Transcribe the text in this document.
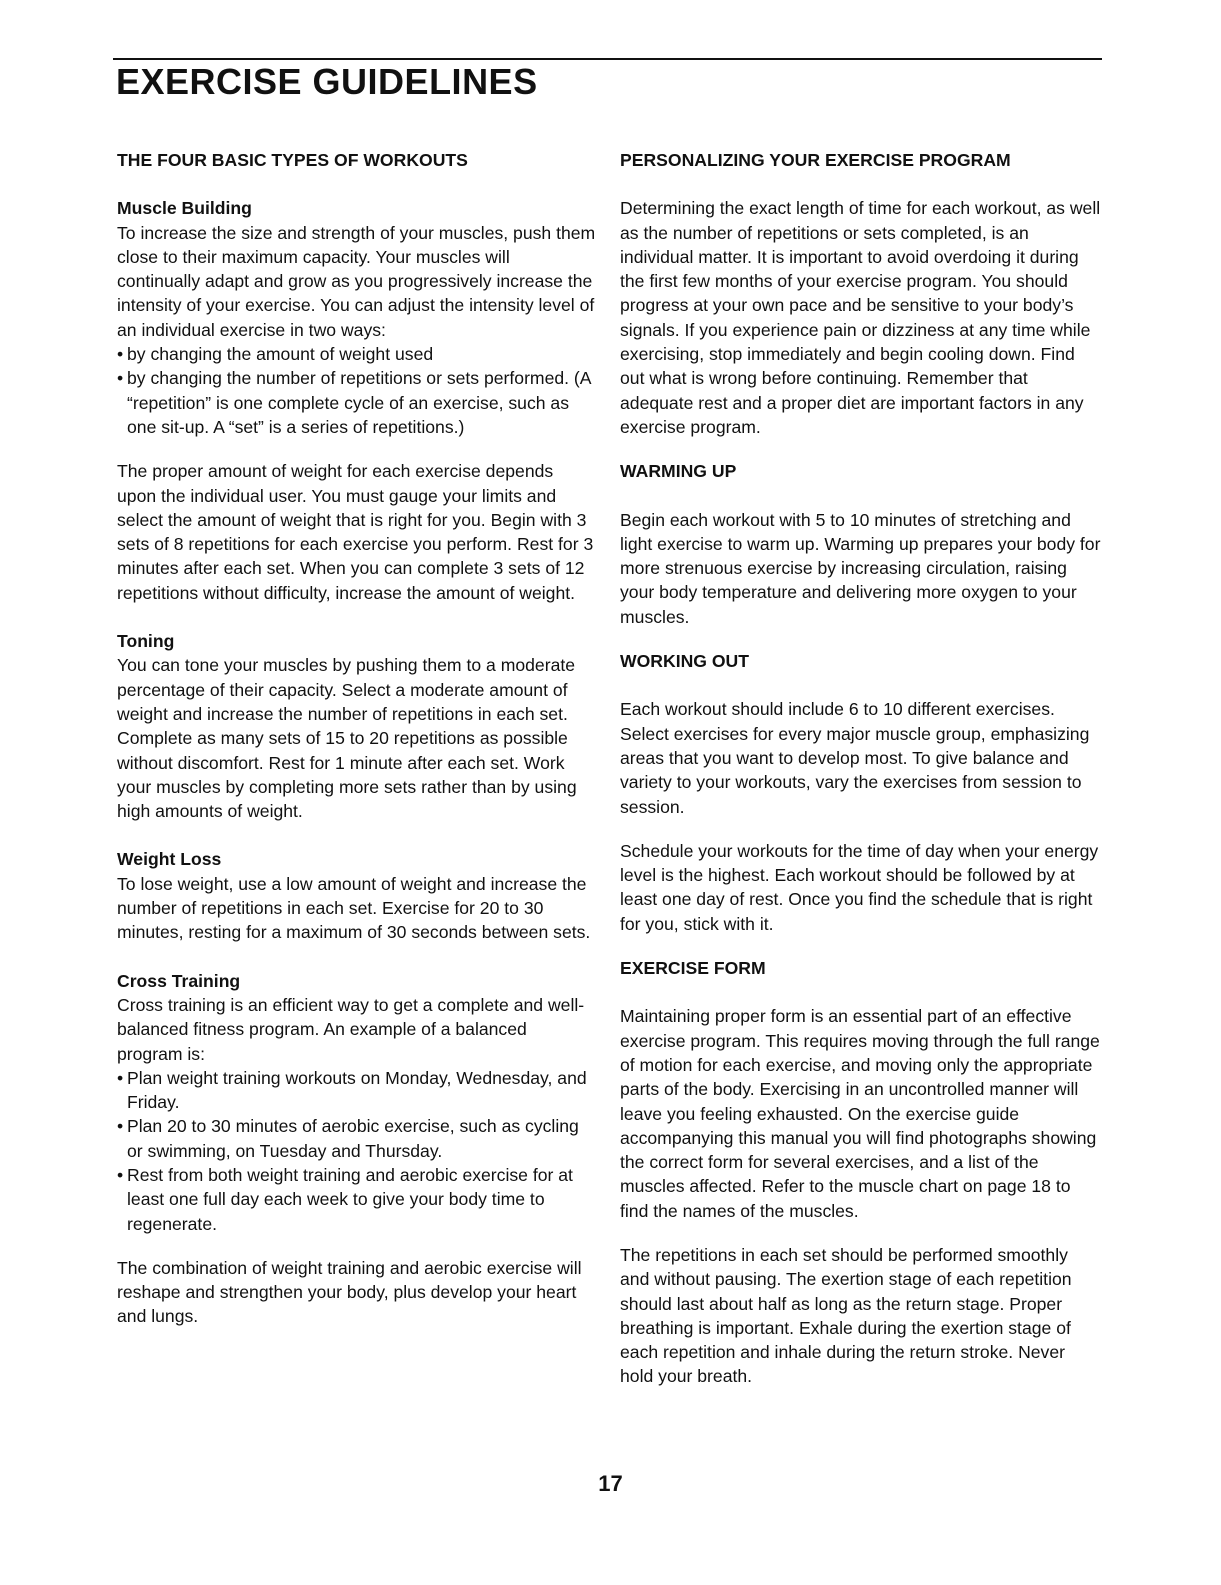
EXERCISE GUIDELINES
THE FOUR BASIC TYPES OF WORKOUTS
Muscle Building

To increase the size and strength of your muscles, push them close to their maximum capacity. Your muscles will continually adapt and grow as you progressively increase the intensity of your exercise. You can adjust the intensity level of an individual exercise in two ways:

• by changing the amount of weight used
• by changing the number of repetitions or sets performed. (A “repetition” is one complete cycle of an exercise, such as one sit-up. A “set” is a series of repetitions.)

The proper amount of weight for each exercise depends upon the individual user. You must gauge your limits and select the amount of weight that is right for you. Begin with 3 sets of 8 repetitions for each exercise you perform. Rest for 3 minutes after each set. When you can complete 3 sets of 12 repetitions without difficulty, increase the amount of weight.

Toning

You can tone your muscles by pushing them to a moderate percentage of their capacity. Select a moderate amount of weight and increase the number of repetitions in each set. Complete as many sets of 15 to 20 repetitions as possible without discomfort. Rest for 1 minute after each set. Work your muscles by completing more sets rather than by using high amounts of weight.

Weight Loss

To lose weight, use a low amount of weight and increase the number of repetitions in each set. Exercise for 20 to 30 minutes, resting for a maximum of 30 seconds between sets.

Cross Training

Cross training is an efficient way to get a complete and well-balanced fitness program. An example of a balanced program is:

• Plan weight training workouts on Monday, Wednesday, and Friday.
• Plan 20 to 30 minutes of aerobic exercise, such as cycling or swimming, on Tuesday and Thursday.
• Rest from both weight training and aerobic exercise for at least one full day each week to give your body time to regenerate.

The combination of weight training and aerobic exercise will reshape and strengthen your body, plus develop your heart and lungs.

PERSONALIZING YOUR EXERCISE PROGRAM

Determining the exact length of time for each workout, as well as the number of repetitions or sets completed, is an individual matter. It is important to avoid overdoing it during the first few months of your exercise program. You should progress at your own pace and be sensitive to your body’s signals. If you experience pain or dizziness at any time while exercising, stop immediately and begin cooling down. Find out what is wrong before continuing. Remember that adequate rest and a proper diet are important factors in any exercise program.

WARMING UP

Begin each workout with 5 to 10 minutes of stretching and light exercise to warm up. Warming up prepares your body for more strenuous exercise by increasing circulation, raising your body temperature and delivering more oxygen to your muscles.

WORKING OUT

Each workout should include 6 to 10 different exercises. Select exercises for every major muscle group, emphasizing areas that you want to develop most. To give balance and variety to your workouts, vary the exercises from session to session.

Schedule your workouts for the time of day when your energy level is the highest. Each workout should be followed by at least one day of rest. Once you find the schedule that is right for you, stick with it.

EXERCISE FORM

Maintaining proper form is an essential part of an effective exercise program. This requires moving through the full range of motion for each exercise, and moving only the appropriate parts of the body. Exercising in an uncontrolled manner will leave you feeling exhausted. On the exercise guide accompanying this manual you will find photographs showing the correct form for several exercises, and a list of the muscles affected. Refer to the muscle chart on page 18 to find the names of the muscles.

The repetitions in each set should be performed smoothly and without pausing. The exertion stage of each repetition should last about half as long as the return stage. Proper breathing is important. Exhale during the exertion stage of each repetition and inhale during the return stroke. Never hold your breath.

17
